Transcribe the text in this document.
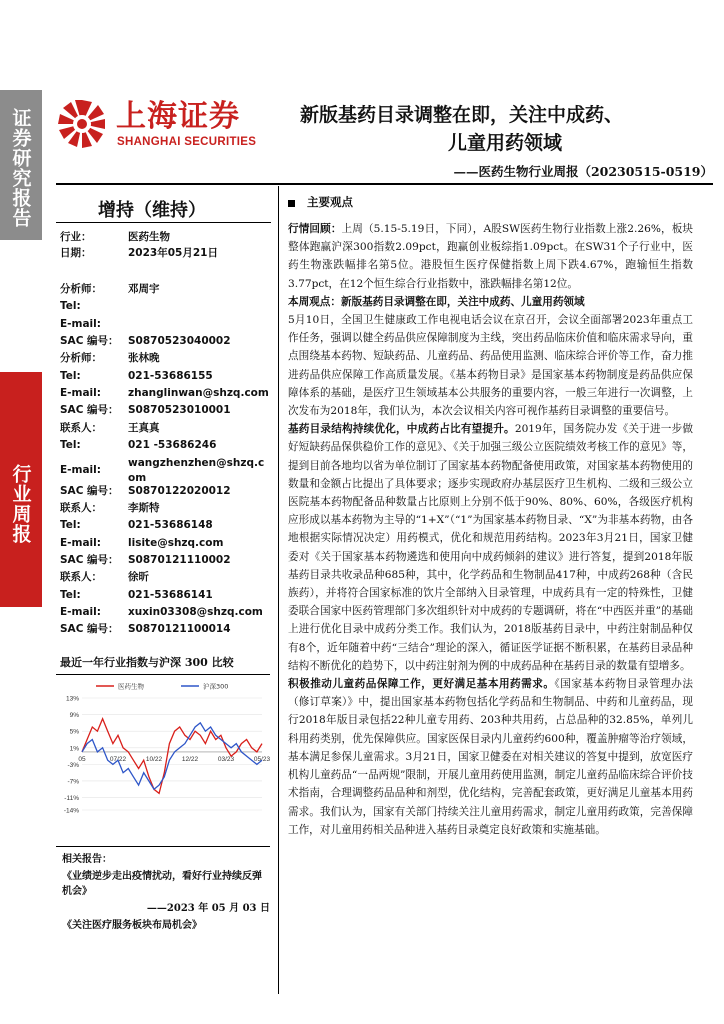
证券研究报告
行业周报
上海证券
SHANGHAI SECURITIES
新版基药目录调整在即，关注中成药、
儿童用药领域
——医药生物行业周报（20230515-0519）
增持（维持）
行业：	医药生物
日期：	2023年05月21日
分析师： 邓周宇
Tel:
E-mail:
SAC 编号： S0870523040002
分析师： 张林晚
Tel:	021-53686155
E-mail:	zhanglinwan@shzq.com
SAC 编号： S0870523010001
联系人： 王真真
Tel:	021 -53686246
E-mail:
wangzhenzhen@shzq.com
SAC 编号： S0870122020012
联系人： 李斯特
Tel:	021-53686148
E-mail:	lisite@shzq.com
SAC 编号： S0870121110002
联系人： 徐昕
Tel:	021-53686141
E-mail:	xuxin03308@shzq.com
SAC 编号： S0870121100014
最近一年行业指数与沪深 300 比较
13%
9%
5%
1%
-3%
-7%
-11%
-14%
05	07/22	10/22	12/22	03/23	05/23
医药生物	沪深300
相关报告：
《业绩逆步走出疫情扰动，看好行业持续反弹机会》
——2023 年 05 月 03 日
《关注医疗服务板块布局机会》
主要观点

行情回顾：上周（5.15-5.19日，下同），A股SW医药生物行业指数上涨2.26%，板块整体跑赢沪深300指数2.09pct，跑赢创业板综指1.09pct。在SW31个子行业中，医药生物涨跌幅排名第5位。港股恒生医疗保健指数上周下跌4.67%，跑输恒生指数3.77pct，在12个恒生综合行业指数中，涨跌幅排名第12位。

本周观点：新版基药目录调整在即，关注中成药、儿童用药领域
5月10日，全国卫生健康政工作电视电话会议在京召开，会议全面部署2023年重点工作任务，强调以健全药品供应保障制度为主线，突出药品临床价值和临床需求导向，重点围绕基本药物、短缺药品、儿童药品、药品使用监测、临床综合评价等工作，奋力推进药品供应保障工作高质量发展。《基本药物目录》是国家基本药物制度是药品供应保障体系的基础，是医疗卫生领域基本公共服务的重要内容，一般三年进行一次调整，上次发布为2018年，我们认为，本次会议相关内容可视作基药目录调整的重要信号。

基药目录结构持续优化，中成药占比有望提升。2019年，国务院办发《关于进一步做好短缺药品保供稳价工作的意见》、《关于加强三级公立医院绩效考核工作的意见》等，提到目前各地均以省为单位制订了国家基本药物配备使用政策，对国家基本药物使用的数量和金额占比提出了具体要求；逐步实现政府办基层医疗卫生机构、二级和三级公立医院基本药物配备品种数量占比原则上分别不低于90%、80%、60%，各级医疗机构应形成以基本药物为主导的“1+X”（“1”为国家基本药物目录、“X”为非基本药物，由各地根据实际情况决定）用药模式，优化和规范用药结构。2023年3月21日，国家卫健委对《关于国家基本药物遴选和使用向中成药倾斜的建议》进行答复，提到2018年版基药目录共收录品种685种，其中，化学药品和生物制品417种，中成药268种（含民族药），并将符合国家标准的饮片全部纳入目录管理，中成药具有一定的特殊性，卫健委联合国家中医药管理部门多次组织针对中成药的专题调研，将在“中西医并重”的基础上进行优化目录中成药分类工作。我们认为，2018版基药目录中，中药注射制品种仅有8个，近年随着中药“三结合”理论的深入，循证医学证据不断积累，在基药目录品种结构不断优化的趋势下，以中药注射剂为例的中成药品种在基药目录的数量有望增多。

积极推动儿童药品保障工作，更好满足基本用药需求。《国家基本药物目录管理办法（修订草案）》中，提出国家基本药物包括化学药品和生物制品、中药和儿童药品，现行2018年版目录包括22种儿童专用药、203种共用药，占总品种的32.85%，单列儿科用药类别，优先保障供应。国家医保目录内儿童药约600种，覆盖肿瘤等治疗领域，基本满足参保儿童需求。3月21日，国家卫健委在对相关建议的答复中提到，放宽医疗机构儿童药品“一品两规”限制，开展儿童用药使用监测，制定儿童药品临床综合评价技术指南，合理调整药品品种和剂型，优化结构，完善配套政策，更好满足儿童基本用药需求。我们认为，国家有关部门持续关注儿童用药需求，制定儿童用药政策，完善保障工作，对儿童用药相关品种进入基药目录奠定良好政策和实施基础。
